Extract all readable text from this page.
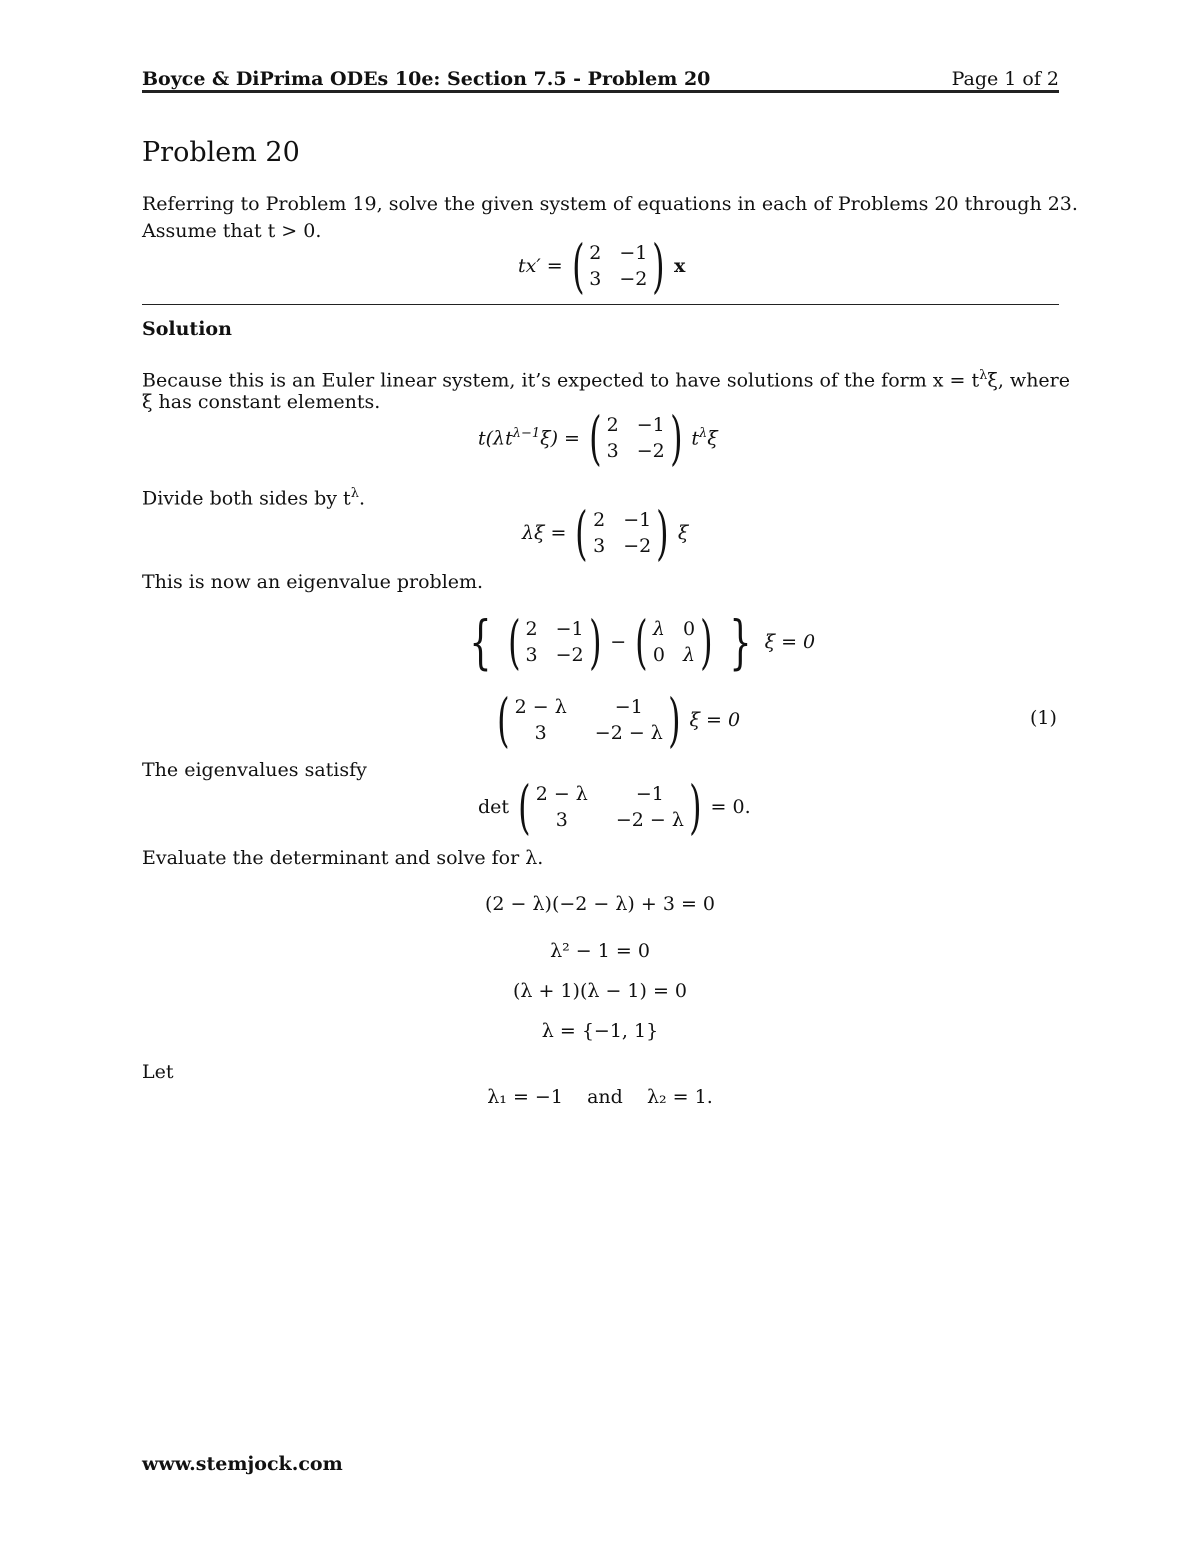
Boyce & DiPrima ODEs 10e: Section 7.5 - Problem 20	Page 1 of 2
Problem 20
Referring to Problem 19, solve the given system of equations in each of Problems 20 through 23.
Assume that t > 0.
tx′ = ( 2 −1
3 −2 ) x
Solution
Because this is an Euler linear system, it’s expected to have solutions of the form $x = t^\lambda\xi$, where
ξ has constant elements.
$t(\lambda t^{\lambda-1}\xi)$ = ( 2 −1
3 −2 ) $t^\lambda\xi$
Divide both sides by $t^\lambda$.
λξ = ( 2 −1
3 −2 ) ξ
This is now an eigenvalue problem.
{ ( 2 −1
3 −2 ) − ( λ 0
0 λ ) } ξ = 0
( 2 − λ	−1
3	−2 − λ ) ξ = 0	(1)
The eigenvalues satisfy
det ( 2 − λ	−1
3	−2 − λ ) = 0.
Evaluate the determinant and solve for λ.
(2 − λ)(−2 − λ) + 3 = 0
λ² − 1 = 0
(λ + 1)(λ − 1) = 0
λ = {−1, 1}
Let
λ₁ = −1    and    λ₂ = 1.
www.stemjock.com
